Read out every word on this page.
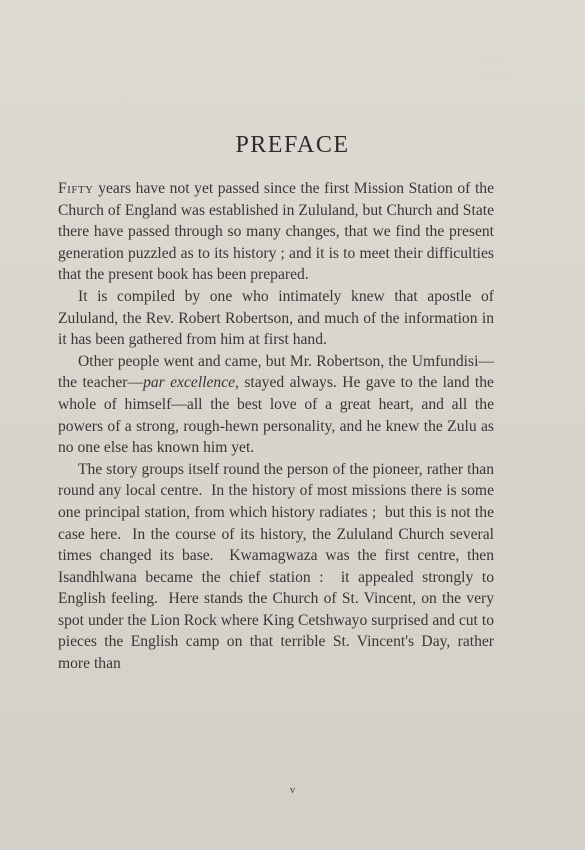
~~~~~~

~~~~
~~~
PREFACE

Fifty years have not yet passed since the first Mission Station of the Church of England was established in Zululand, but Church and State there have passed through so many changes, that we find the present generation puzzled as to its history ; and it is to meet their difficulties that the present book has been prepared.

It is compiled by one who intimately knew that apostle of Zululand, the Rev. Robert Robertson, and much of the information in it has been gathered from him at first hand.

Other people went and came, but Mr. Robertson, the Umfundisi—the teacher—par excellence, stayed always. He gave to the land the whole of himself—all the best love of a great heart, and all the powers of a strong, rough-hewn personality, and he knew the Zulu as no one else has known him yet.

The story groups itself round the person of the pioneer, rather than round any local centre.  In the history of most missions there is some one principal station, from which history radiates ;  but this is not the case here.  In the course of its history, the Zululand Church several times changed its base.  Kwamagwaza was the first centre, then Isandhlwana became the chief station :  it appealed strongly to English feeling.  Here stands the Church of St. Vincent, on the very spot under the Lion Rock where King Cetshwayo surprised and cut to pieces the English camp on that terrible St. Vincent's Day, rather more than

v
